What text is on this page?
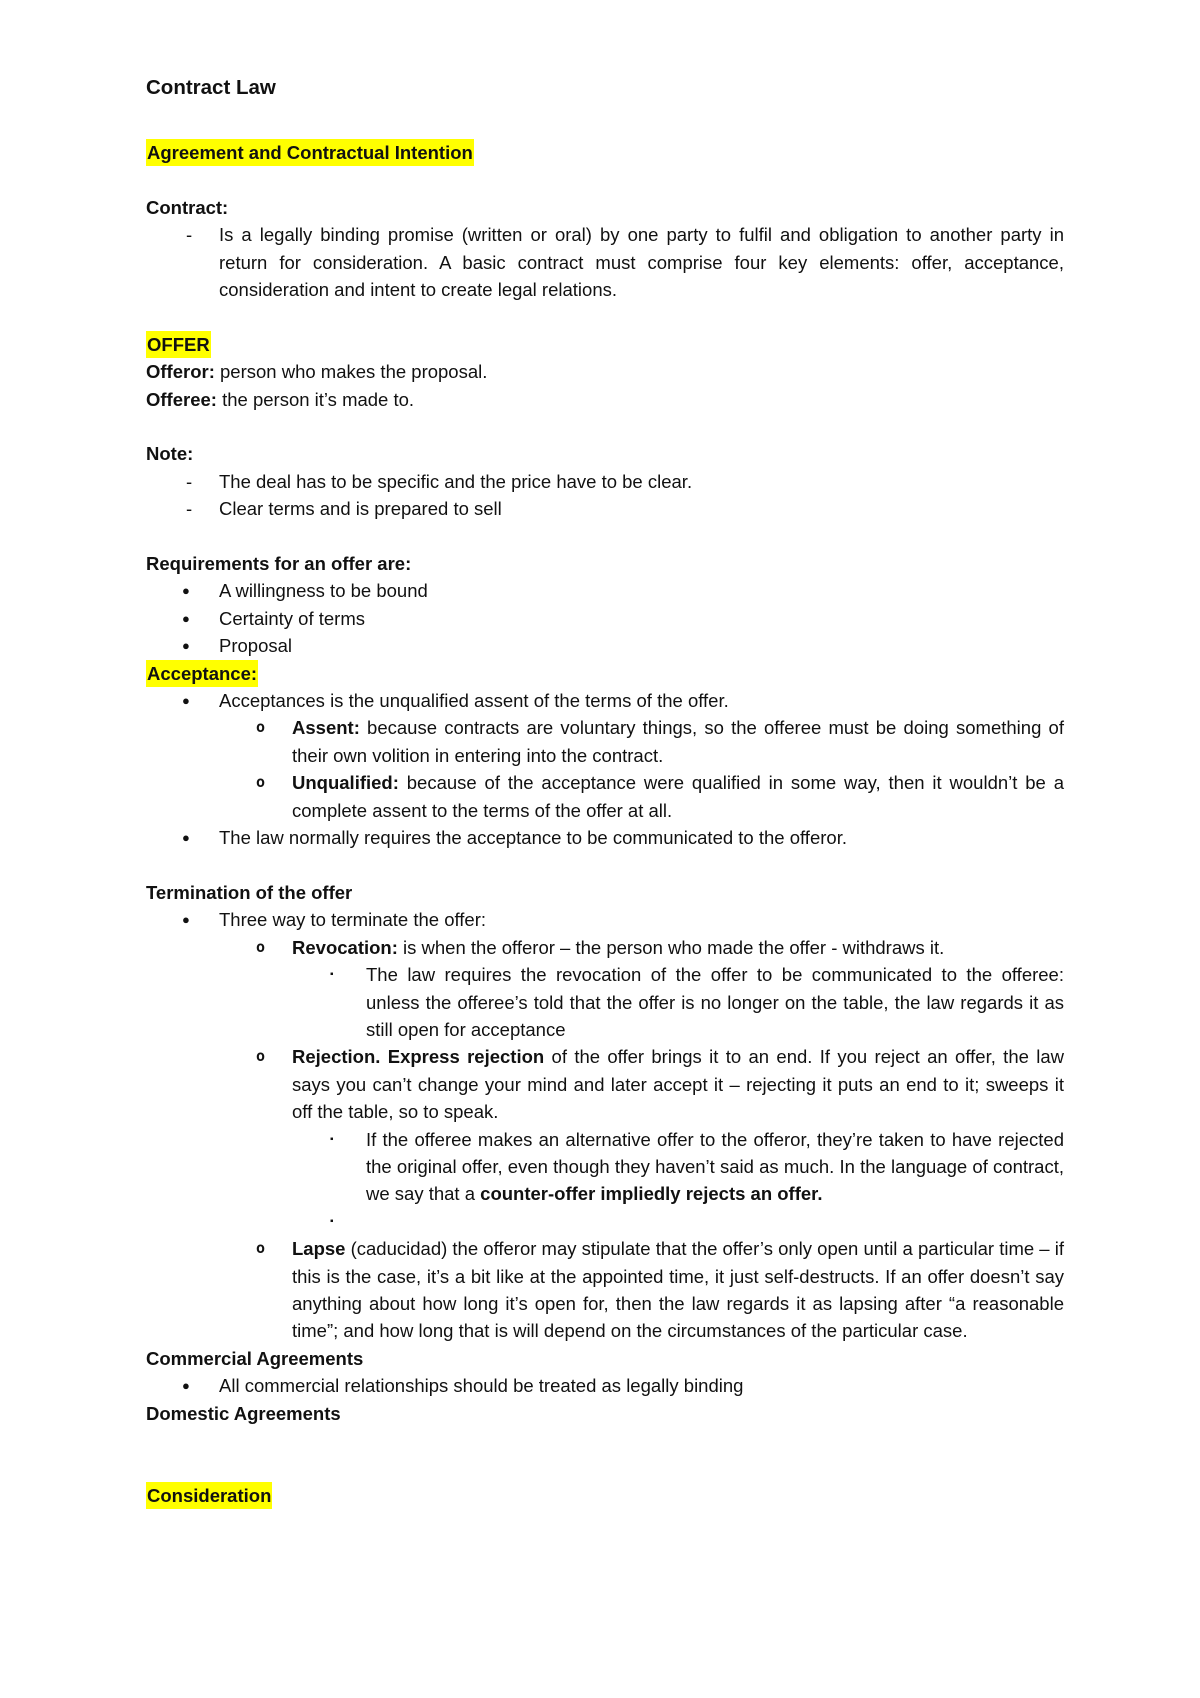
Contract Law
Agreement and Contractual Intention
Contract:
- Is a legally binding promise (written or oral) by one party to fulfil and obligation to another party in return for consideration. A basic contract must comprise four key elements: offer, acceptance, consideration and intent to create legal relations.
OFFER
Offeror: person who makes the proposal.
Offeree: the person it’s made to.
Note:
- The deal has to be specific and the price have to be clear.
- Clear terms and is prepared to sell
Requirements for an offer are:
● A willingness to be bound
● Certainty of terms
● Proposal
Acceptance:
● Acceptances is the unqualified assent of the terms of the offer.
o Assent: because contracts are voluntary things, so the offeree must be doing something of their own volition in entering into the contract.
o Unqualified: because of the acceptance were qualified in some way, then it wouldn’t be a complete assent to the terms of the offer at all.
● The law normally requires the acceptance to be communicated to the offeror.
Termination of the offer
● Three way to terminate the offer:
o Revocation: is when the offeror – the person who made the offer - withdraws it.
▪ The law requires the revocation of the offer to be communicated to the offeree: unless the offeree’s told that the offer is no longer on the table, the law regards it as still open for acceptance
o Rejection. Express rejection of the offer brings it to an end. If you reject an offer, the law says you can’t change your mind and later accept it – rejecting it puts an end to it; sweeps it off the table, so to speak.
▪ If the offeree makes an alternative offer to the offeror, they’re taken to have rejected the original offer, even though they haven’t said as much. In the language of contract, we say that a counter-offer impliedly rejects an offer.
▪
o Lapse (caducidad) the offeror may stipulate that the offer’s only open until a particular time – if this is the case, it’s a bit like at the appointed time, it just self-destructs. If an offer doesn’t say anything about how long it’s open for, then the law regards it as lapsing after “a reasonable time”; and how long that is will depend on the circumstances of the particular case.
Commercial Agreements
● All commercial relationships should be treated as legally binding
Domestic Agreements
Consideration
